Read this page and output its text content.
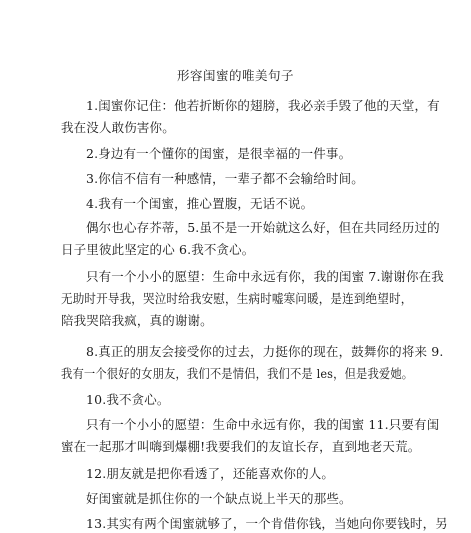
形容闺蜜的唯美句子

1.闺蜜你记住：他若折断你的翅膀，我必亲手毁了他的天堂，有
我在没人敢伤害你。

2.身边有一个懂你的闺蜜，是很幸福的一件事。

3.你信不信有一种感情，一辈子都不会输给时间。

4.我有一个闺蜜，推心置腹，无话不说。

偶尔也心存芥蒂，5.虽不是一开始就这么好，但在共同经历过的
日子里彼此坚定的心 6.我不贪心。

只有一个小小的愿望：生命中永远有你，我的闺蜜 7.谢谢你在我
无助时开导我，哭泣时给我安慰，生病时嘘寒问暖，是连到绝望时，
陪我哭陪我疯，真的谢谢。

8.真正的朋友会接受你的过去，力挺你的现在，鼓舞你的将来 9.
我有一个很好的女朋友，我们不是情侣，我们不是 les，但是我爱她。

10.我不贪心。

只有一个小小的愿望：生命中永远有你，我的闺蜜 11.只要有闺
蜜在一起那才叫嗨到爆棚!我要我们的友谊长存，直到地老天荒。

12.朋友就是把你看透了，还能喜欢你的人。

好闺蜜就是抓住你的一个缺点说上半天的那些。

13.其实有两个闺蜜就够了，一个肯借你钱，当她向你要钱时，另
